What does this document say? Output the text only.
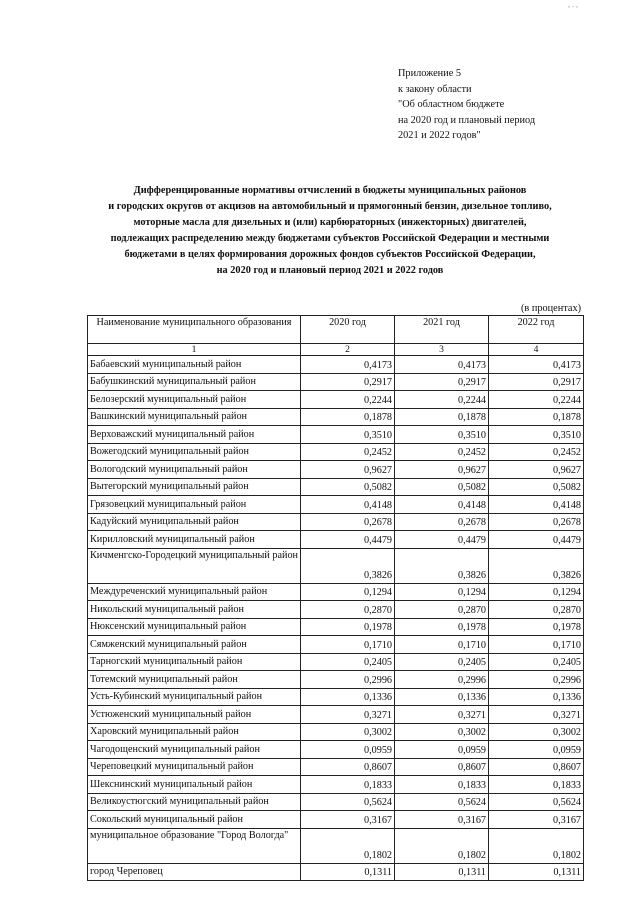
Приложение 5
к закону области
"Об областном бюджете
на 2020 год и плановый период
2021 и 2022 годов"
Дифференцированные нормативы отчислений в бюджеты муниципальных районов
и городских округов от акцизов на автомобильный и прямогонный бензин, дизельное топливо,
моторные масла для дизельных и (или) карбюраторных (инжекторных) двигателей,
подлежащих распределению между бюджетами субъектов Российской Федерации и местными
бюджетами в целях формирования дорожных фондов субъектов Российской Федерации,
на 2020 год и плановый период 2021 и 2022 годов
(в процентах)
Наименование муниципального образования	2020 год	2021 год	2022 год
1	2	3	4
Бабаевский муниципальный район	0,4173	0,4173	0,4173
Бабушкинский муниципальный район	0,2917	0,2917	0,2917
Белозерский муниципальный район	0,2244	0,2244	0,2244
Вашкинский муниципальный район	0,1878	0,1878	0,1878
Верховажский муниципальный район	0,3510	0,3510	0,3510
Вожегодский муниципальный район	0,2452	0,2452	0,2452
Вологодский муниципальный район	0,9627	0,9627	0,9627
Вытегорский муниципальный район	0,5082	0,5082	0,5082
Грязовецкий муниципальный район	0,4148	0,4148	0,4148
Кадуйский муниципальный район	0,2678	0,2678	0,2678
Кирилловский муниципальный район	0,4479	0,4479	0,4479
Кичменгско-Городецкий муниципальный район	0,3826	0,3826	0,3826
Междуреченский муниципальный район	0,1294	0,1294	0,1294
Никольский муниципальный район	0,2870	0,2870	0,2870
Нюксенский муниципальный район	0,1978	0,1978	0,1978
Сямженский муниципальный район	0,1710	0,1710	0,1710
Тарногский муниципальный район	0,2405	0,2405	0,2405
Тотемский муниципальный район	0,2996	0,2996	0,2996
Усть-Кубинский муниципальный район	0,1336	0,1336	0,1336
Устюженский муниципальный район	0,3271	0,3271	0,3271
Харовский муниципальный район	0,3002	0,3002	0,3002
Чагодощенский муниципальный район	0,0959	0,0959	0,0959
Череповецкий муниципальный район	0,8607	0,8607	0,8607
Шекснинский муниципальный район	0,1833	0,1833	0,1833
Великоустюгский муниципальный район	0,5624	0,5624	0,5624
Сокольский муниципальный район	0,3167	0,3167	0,3167
муниципальное образование "Город Вологда"	0,1802	0,1802	0,1802
город Череповец	0,1311	0,1311	0,1311
, . ,
